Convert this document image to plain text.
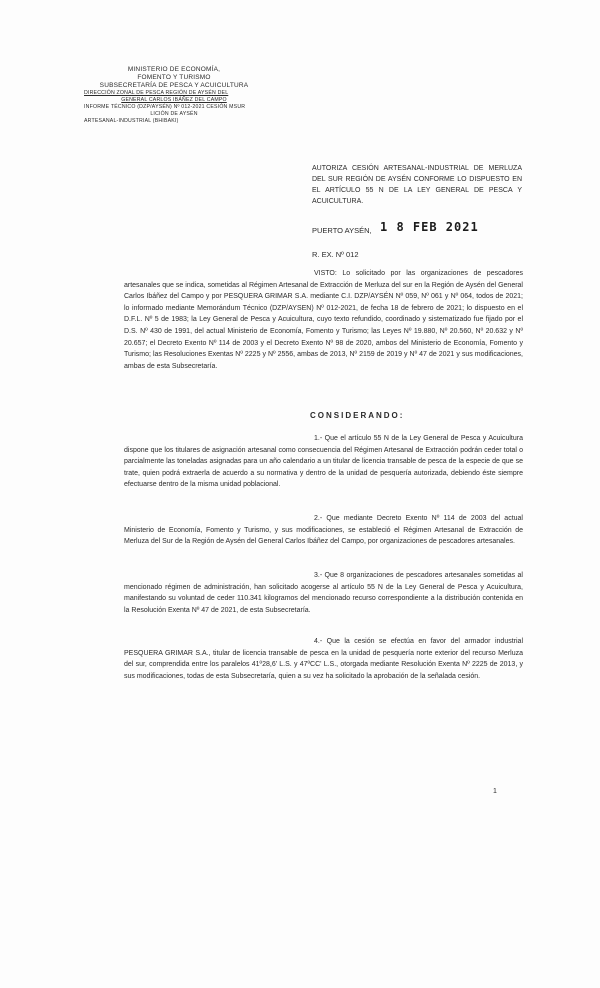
MINISTERIO DE ECONOMÍA,
FOMENTO Y TURISMO
SUBSECRETARÍA DE PESCA Y ACUICULTURA
DIRECCIÓN ZONAL DE PESCA REGIÓN DE AYSÉN DEL
GENERAL CARLOS IBÁÑEZ DEL CAMPO
INFORME TÉCNICO (DZP/AYSÉN) Nº 012-2021 CESIÓN MSUR
LICIÓN DE AYSÉN
ARTESANAL-INDUSTRIAL (BHIBAKI)
AUTORIZA CESIÓN ARTESANAL-INDUSTRIAL DE MERLUZA DEL SUR REGIÓN DE AYSÉN CONFORME LO DISPUESTO EN EL ARTÍCULO 55 N DE LA LEY GENERAL DE PESCA Y ACUICULTURA.
PUERTO AYSÉN, 1 8 FEB 2021
R. EX. Nº 012
VISTO: Lo solicitado por las organizaciones de pescadores artesanales que se indica, sometidas al Régimen Artesanal de Extracción de Merluza del sur en la Región de Aysén del General Carlos Ibáñez del Campo y por PESQUERA GRIMAR S.A. mediante C.I. DZP/AYSÉN Nº 059, Nº 061 y Nº 064, todos de 2021; lo informado mediante Memorándum Técnico (DZP/AYSEN) Nº 012-2021, de fecha 18 de febrero de 2021; lo dispuesto en el D.F.L. Nº 5 de 1983; la Ley General de Pesca y Acuicultura, cuyo texto refundido, coordinado y sistematizado fue fijado por el D.S. Nº 430 de 1991, del actual Ministerio de Economía, Fomento y Turismo; las Leyes Nº 19.880, Nº 20.560, Nº 20.632 y Nº 20.657; el Decreto Exento Nº 114 de 2003 y el Decreto Exento Nº 98 de 2020, ambos del Ministerio de Economía, Fomento y Turismo; las Resoluciones Exentas Nº 2225 y Nº 2556, ambas de 2013, Nº 2159 de 2019 y Nº 47 de 2021 y sus modificaciones, ambas de esta Subsecretaría.
CONSIDERANDO:
1.- Que el artículo 55 N de la Ley General de Pesca y Acuicultura dispone que los titulares de asignación artesanal como consecuencia del Régimen Artesanal de Extracción podrán ceder total o parcialmente las toneladas asignadas para un año calendario a un titular de licencia transable de pesca de la especie de que se trate, quien podrá extraerla de acuerdo a su normativa y dentro de la unidad de pesquería autorizada, debiendo éste siempre efectuarse dentro de la misma unidad poblacional.
2.- Que mediante Decreto Exento Nº 114 de 2003 del actual Ministerio de Economía, Fomento y Turismo, y sus modificaciones, se estableció el Régimen Artesanal de Extracción de Merluza del Sur de la Región de Aysén del General Carlos Ibáñez del Campo, por organizaciones de pescadores artesanales.
3.- Que 8 organizaciones de pescadores artesanales sometidas al mencionado régimen de administración, han solicitado acogerse al artículo 55 N de la Ley General de Pesca y Acuicultura, manifestando su voluntad de ceder 110.341 kilogramos del mencionado recurso correspondiente a la distribución contenida en la Resolución Exenta Nº 47 de 2021, de esta Subsecretaría.
4.- Que la cesión se efectúa en favor del armador industrial PESQUERA GRIMAR S.A., titular de licencia transable de pesca en la unidad de pesquería norte exterior del recurso Merluza del sur, comprendida entre los paralelos 41º28,6' L.S. y 47ºCC' L.S., otorgada mediante Resolución Exenta Nº 2225 de 2013, y sus modificaciones, todas de esta Subsecretaría, quien a su vez ha solicitado la aprobación de la señalada cesión.
1
